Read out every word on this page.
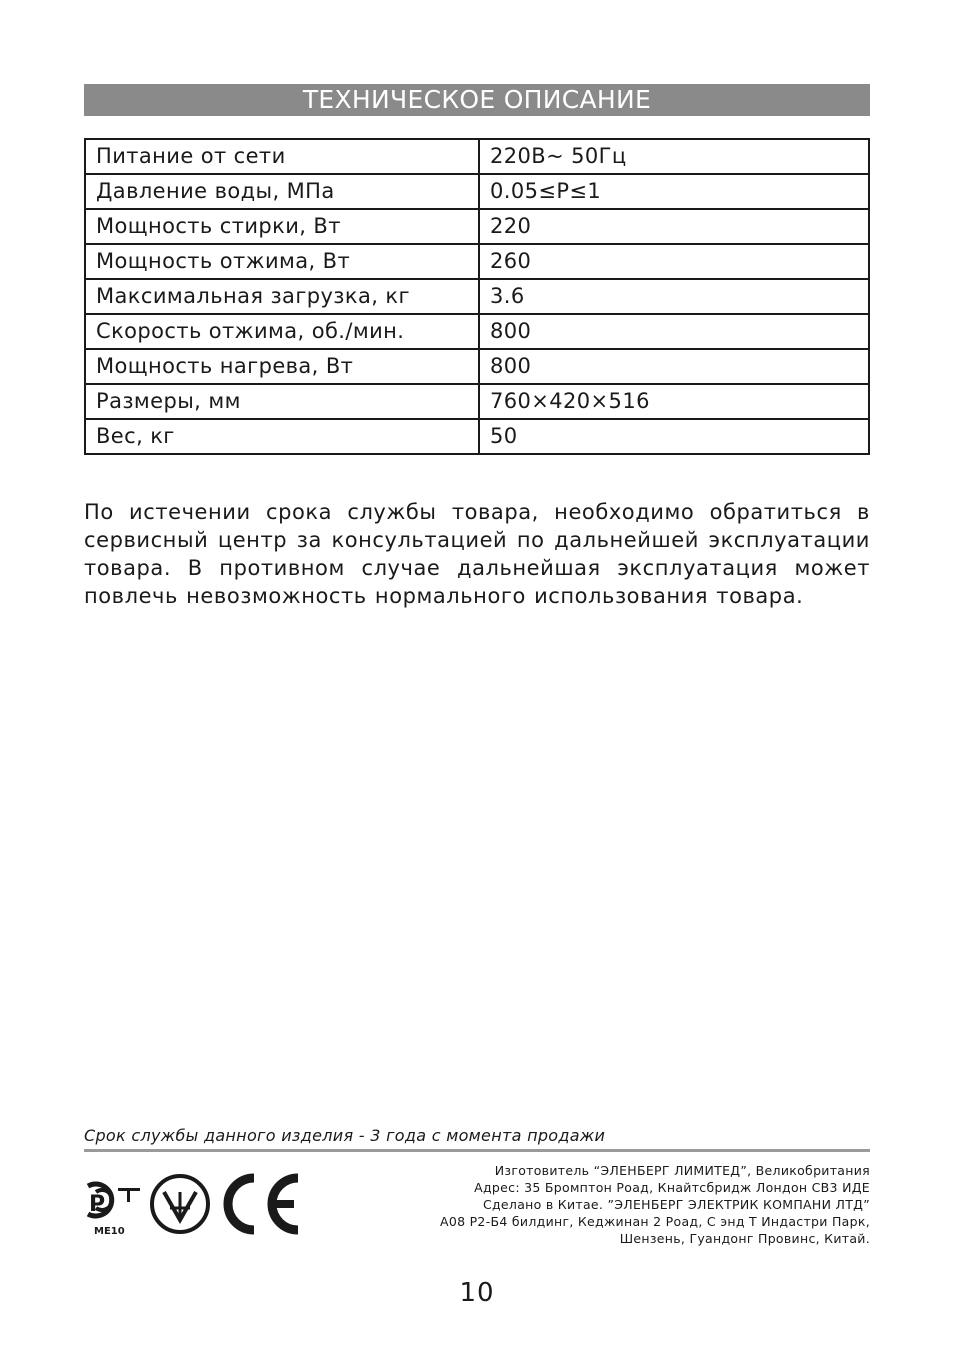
ТЕХНИЧЕСКОЕ ОПИСАНИЕ
Питание от сети	220В~ 50Гц
Давление воды, МПа	0.05≤P≤1
Мощность стирки, Вт	220
Мощность отжима, Вт	260
Максимальная загрузка, кг	3.6
Скорость отжима, об./мин.	800
Мощность нагрева, Вт	800
Размеры, мм	760×420×516
Вес, кг	50
По истечении срока службы товара, необходимо обратиться в сервисный центр за консультацией по дальнейшей эксплуатации товара. В противном случае дальнейшая эксплуатация может повлечь невозможность нормального использования товара.
Срок службы данного изделия - 3 года с момента продажи
P
МЕ10
Изготовитель “ЭЛЕНБЕРГ ЛИМИТЕД”, Великобритания
Адрес: 35 Бромптон Роад, Кнайтсбридж Лондон СВ3 ИДЕ
Сделано в Китае. ”ЭЛЕНБЕРГ ЭЛЕКТРИК КОМПАНИ ЛТД”
A08 P2-Б4 билдинг, Кеджинан 2 Роад, С энд Т Индастри Парк,
Шензень, Гуандонг Провинс, Китай.
10
